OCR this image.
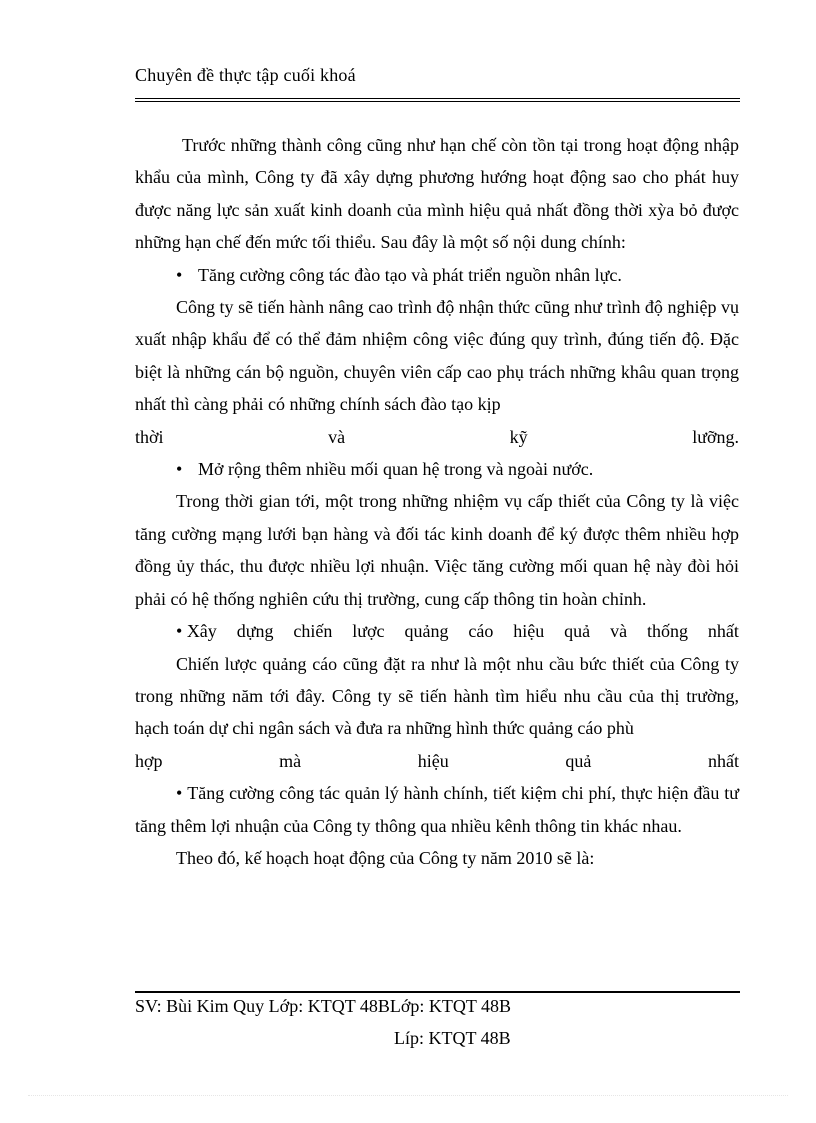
Chuyên đề thực tập cuối khoá

Trước những thành công cũng như hạn chế còn tồn tại trong hoạt động nhập khẩu của mình, Công ty đã xây dựng phương hướng hoạt động sao cho phát huy được năng lực sản xuất kinh doanh của mình hiệu quả nhất đồng thời xỳa bỏ được những hạn chế đến mức tối thiểu. Sau đây là một số nội dung chính:

• Tăng cường công tác đào tạo và phát triển nguồn nhân lực.

Công ty sẽ tiến hành nâng cao trình độ nhận thức cũng như trình độ nghiệp vụ xuất nhập khẩu để có thể đảm nhiệm công việc đúng quy trình, đúng tiến độ. Đặc biệt là những cán bộ nguồn, chuyên viên cấp cao phụ trách những khâu quan trọng nhất thì càng phải có những chính sách đào tạo kịp

thời	và	kỹ	lưỡng.

• Mở rộng thêm nhiều mối quan hệ trong và ngoài nước.

Trong thời gian tới, một trong những nhiệm vụ cấp thiết của Công ty là việc tăng cường mạng lưới bạn hàng và đối tác kinh doanh để ký được thêm nhiều hợp đồng ủy thác, thu được nhiều lợi nhuận. Việc tăng cường mối quan hệ này đòi hỏi phải có hệ thống nghiên cứu thị trường, cung cấp thông tin hoàn chỉnh.

• Xây dựng chiến lược quảng cáo hiệu quả và thống nhất

Chiến lược quảng cáo cũng đặt ra như là một nhu cầu bức thiết của Công ty trong những năm tới đây. Công ty sẽ tiến hành tìm hiểu nhu cầu của thị trường, hạch toán dự chi ngân sách và đưa ra những hình thức quảng cáo phù

hợp	mà	hiệu	quả	nhất

• Tăng cường công tác quản lý hành chính, tiết kiệm chi phí, thực hiện đầu tư tăng thêm lợi nhuận của Công ty thông qua nhiều kênh thông tin khác nhau.

Theo đó, kế hoạch hoạt động của Công ty năm 2010 sẽ là:

SV: Bùi Kim Quy Lớp: KTQT 48BLớp: KTQT 48B
Líp: KTQT 48B
